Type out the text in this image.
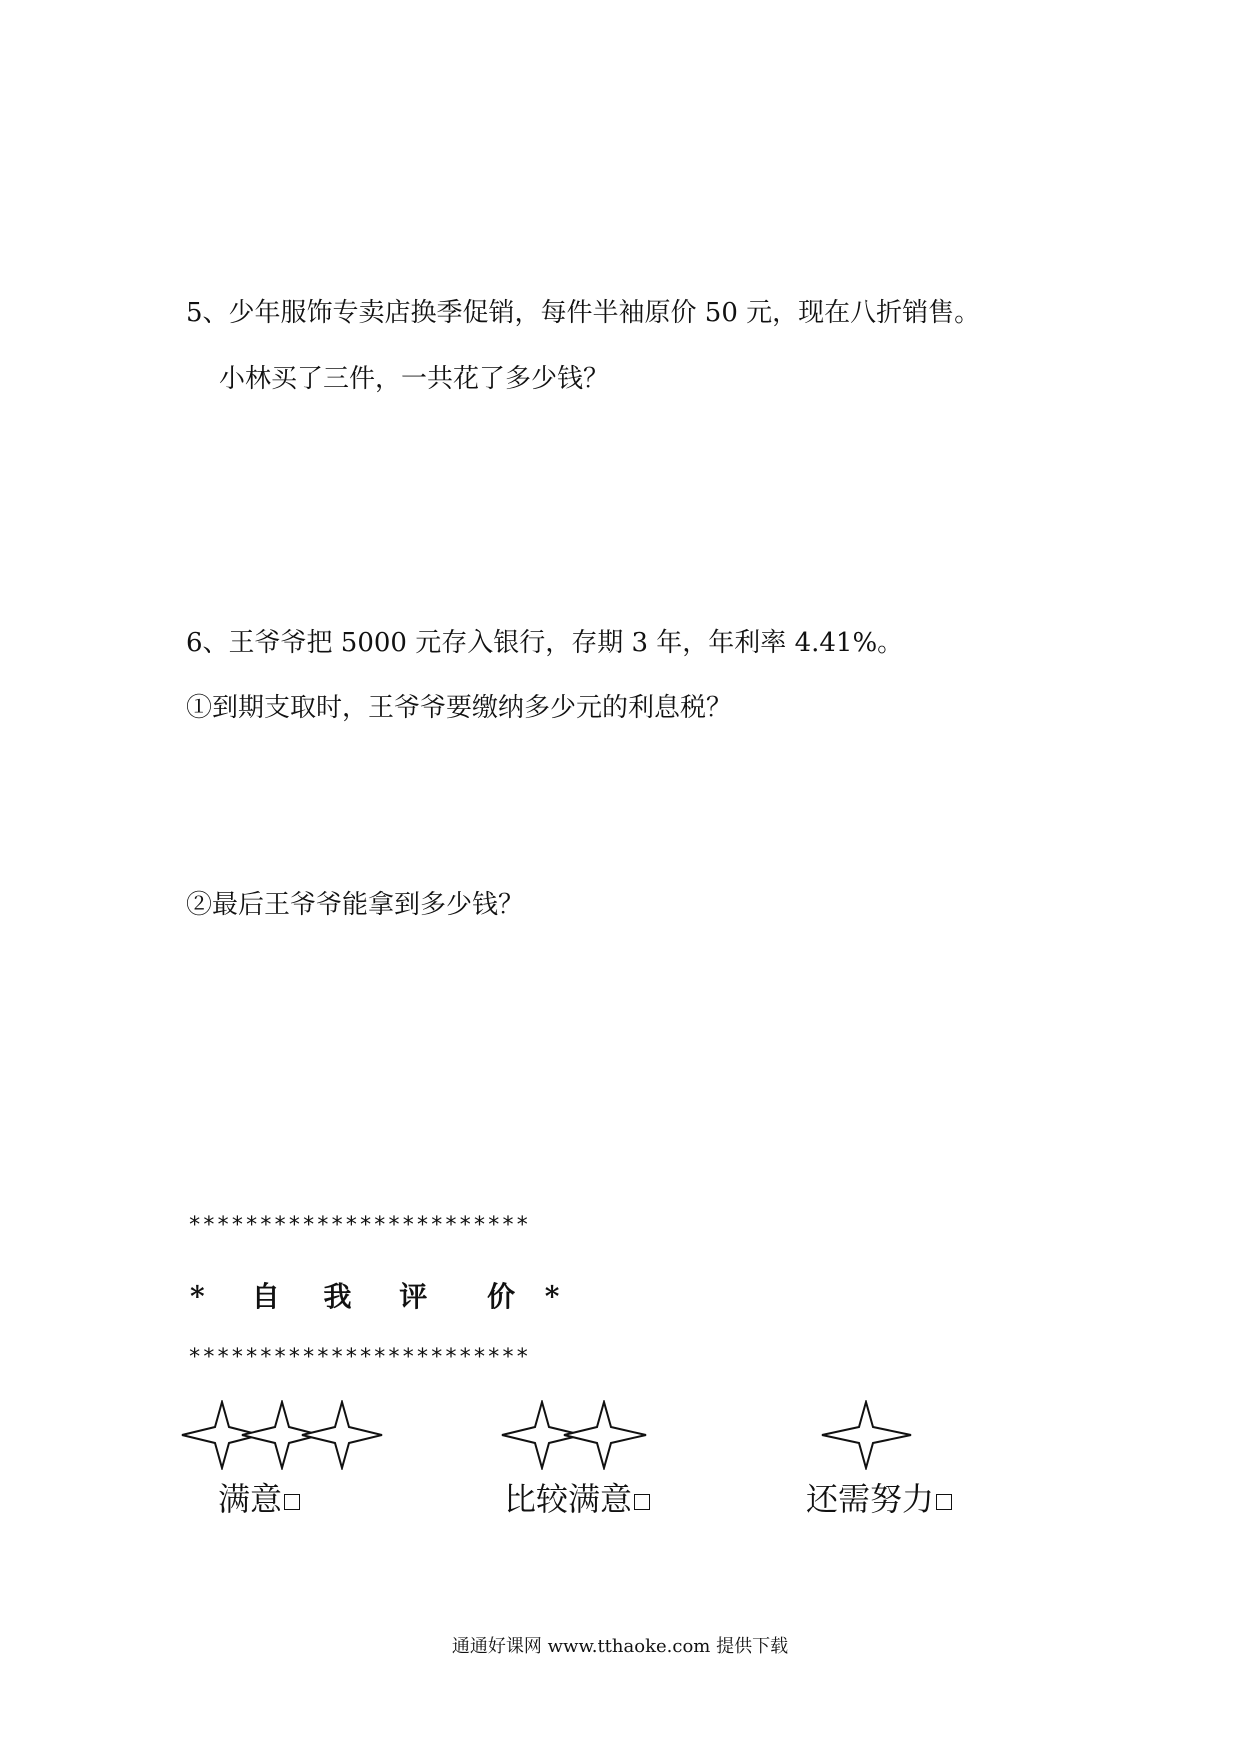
5、少年服饰专卖店换季促销，每件半袖原价 50 元，现在八折销售。
小林买了三件，一共花了多少钱？
6、王爷爷把 5000 元存入银行，存期 3 年，年利率 4.41%。
①到期支取时，王爷爷要缴纳多少元的利息税？
②最后王爷爷能拿到多少钱？
************************
* 自 我 评 价 *
************************
满意	比较满意	还需努力
通通好课网 www.tthaoke.com 提供下载
